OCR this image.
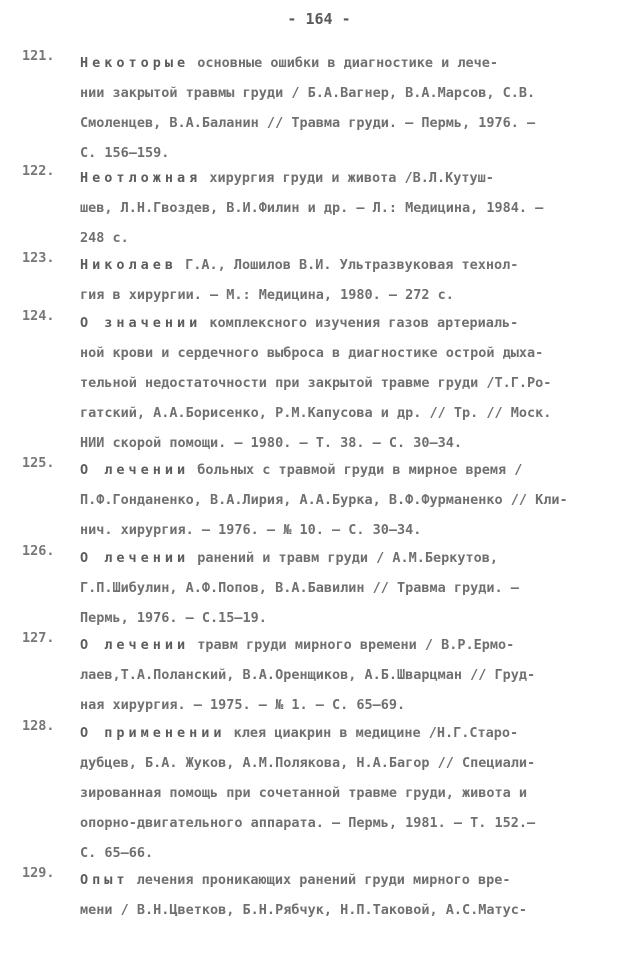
- 164 -
121.	Некоторые основные ошибки в диагностике и лече-
нии закрытой травмы груди / Б.А.Вагнер, В.А.Марсов, С.В.
Смоленцев, В.А.Баланин // Травма груди. – Пермь, 1976. –
С. 156–159.
122.	Неотложная хирургия груди и живота /В.Л.Кутуш-
шев, Л.Н.Гвоздев, В.И.Филин и др. – Л.: Медицина, 1984. –
248 с.
123.	Николаев Г.А., Лошилов В.И. Ультразвуковая технол-
гия в хирургии. – М.: Медицина, 1980. – 272 с.
124.	О значении комплексного изучения газов артериаль-
ной крови и сердечного выброса в диагностике острой дыха-
тельной недостаточности при закрытой травме груди /Т.Г.Ро-
гатский, А.А.Борисенко, Р.М.Капусова и др. // Тр. // Моск.
НИИ скорой помощи. – 1980. – Т. 38. – С. 30–34.
125.	О лечении больных с травмой груди в мирное время /
П.Ф.Гонданенко, В.А.Лирия, А.А.Бурка, В.Ф.Фурманенко // Кли-
нич. хирургия. – 1976. – № 10. – С. 30–34.
126.	О лечении ранений и травм груди / А.М.Беркутов,
Г.П.Шибулин, А.Ф.Попов, В.А.Бавилин // Травма груди. –
Пермь, 1976. – С.15–19.
127.	О лечении травм груди мирного времени / В.Р.Ермо-
лаев,Т.А.Поланский, В.А.Оренщиков, А.Б.Шварцман // Груд-
ная хирургия. – 1975. – № 1. – С. 65–69.
128.	О применении клея циакрин в медицине /Н.Г.Старо-
дубцев, Б.А. Жуков, А.М.Полякова, Н.А.Багор // Специали-
зированная помощь при сочетанной травме груди, живота и
опорно-двигательного аппарата. – Пермь, 1981. – Т. 152.–
С. 65–66.
129.	Опыт лечения проникающих ранений груди мирного вре-
мени / В.Н.Цветков, Б.Н.Рябчук, Н.П.Таковой, А.С.Матус-
